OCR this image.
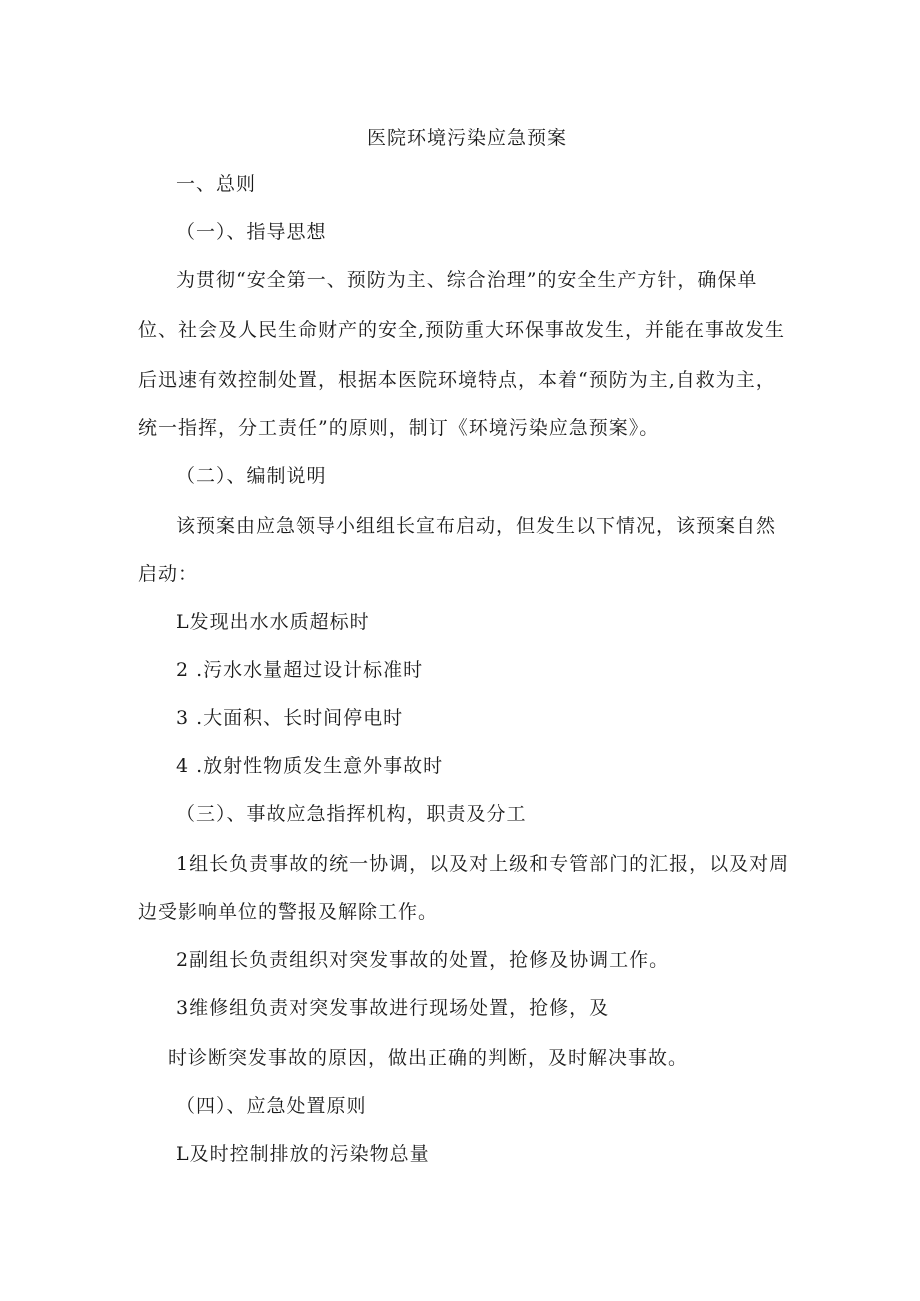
医院环境污染应急预案
一、总则
（一）、指导思想
为贯彻“安全第一、预防为主、综合治理”的安全生产方针，确保单
位、社会及人民生命财产的安全,预防重大环保事故发生，并能在事故发生
后迅速有效控制处置，根据本医院环境特点，本着“预防为主,自救为主，
统一指挥，分工责任”的原则，制订《环境污染应急预案》。
（二）、编制说明
该预案由应急领导小组组长宣布启动，但发生以下情况，该预案自然
启动：
L发现出水水质超标时
2 .污水水量超过设计标准时
3 .大面积、长时间停电时
4 .放射性物质发生意外事故时
（三）、事故应急指挥机构，职责及分工
1组长负责事故的统一协调，以及对上级和专管部门的汇报，以及对周
边受影响单位的警报及解除工作。
2副组长负责组织对突发事故的处置，抢修及协调工作。
3维修组负责对突发事故进行现场处置，抢修，及
时诊断突发事故的原因，做出正确的判断，及时解决事故。
（四）、应急处置原则
L及时控制排放的污染物总量
